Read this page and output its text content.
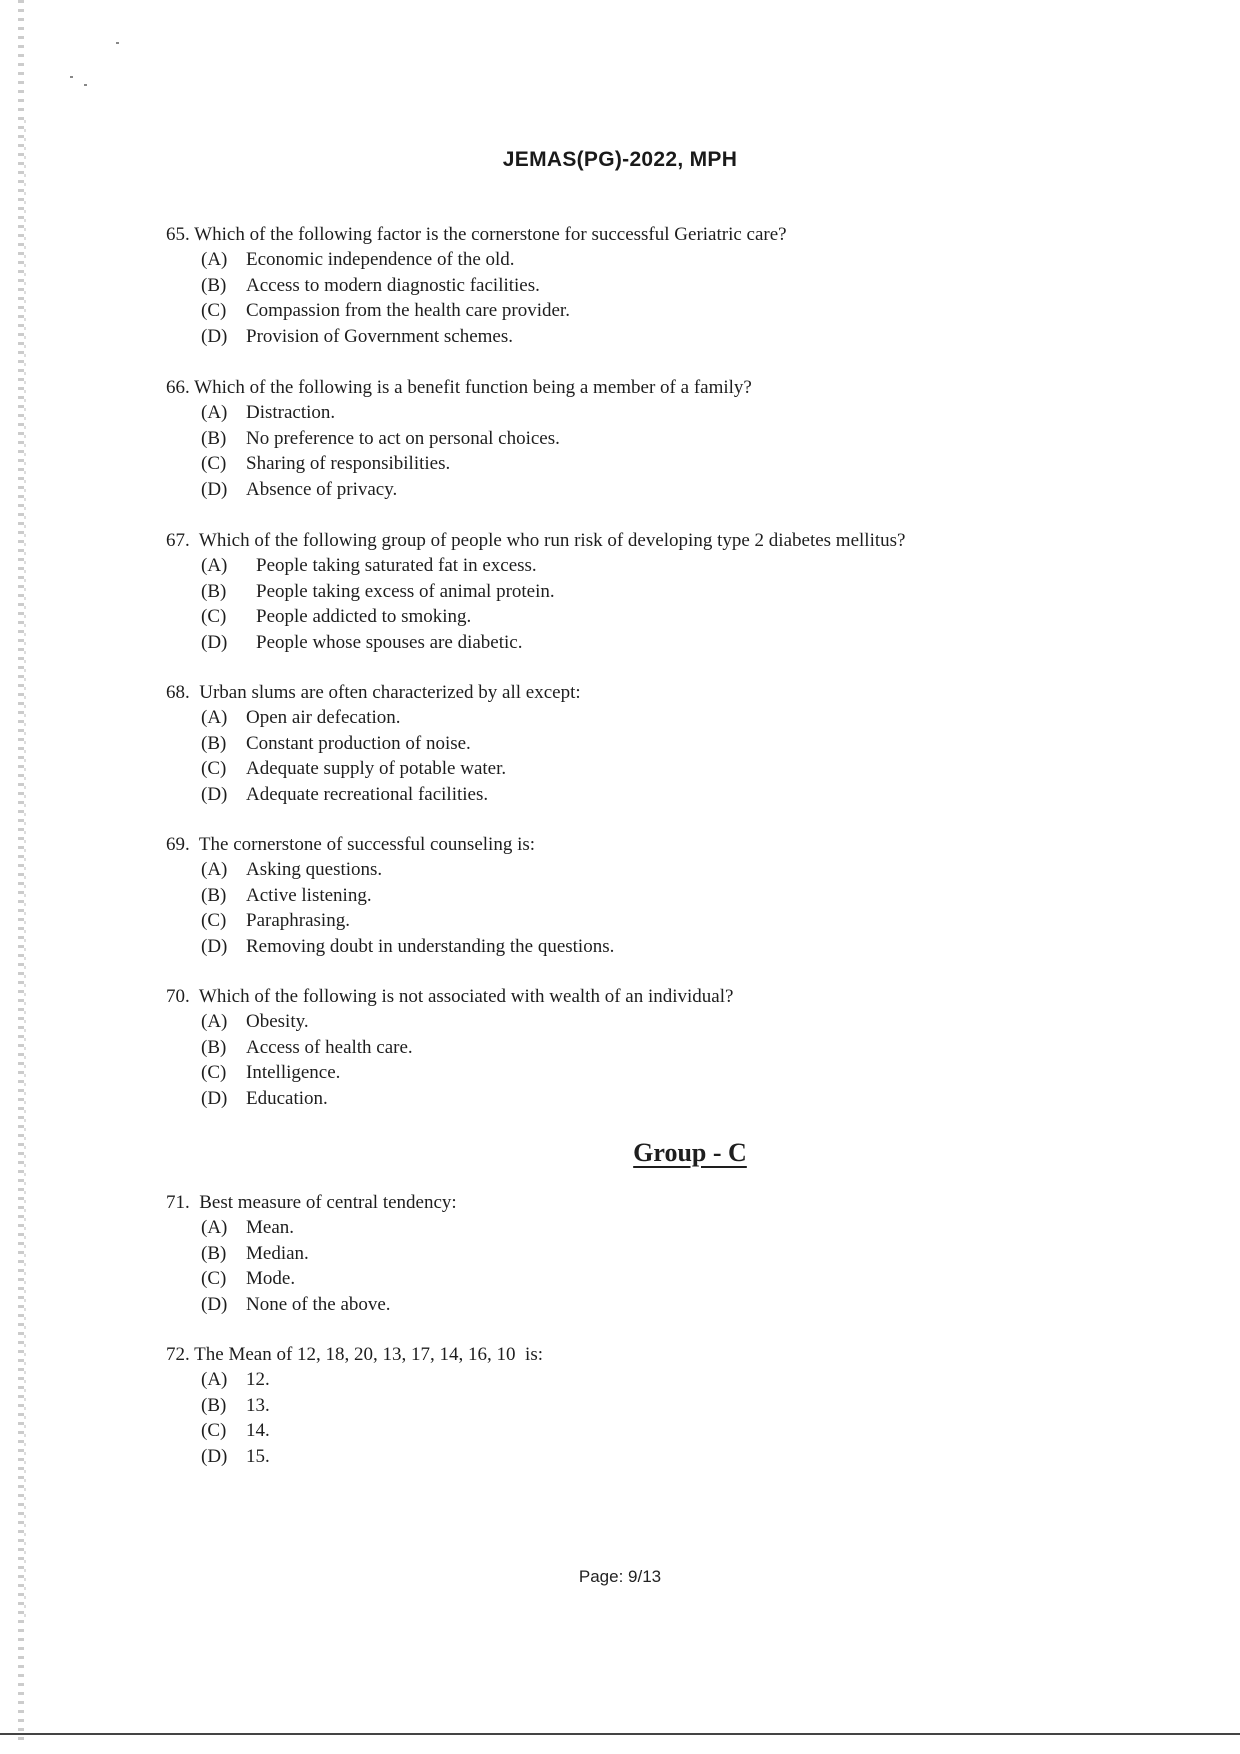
JEMAS(PG)-2022, MPH
65. Which of the following factor is the cornerstone for successful Geriatric care?
(A) Economic independence of the old.
(B)	Access to modern diagnostic facilities.
(C)	Compassion from the health care provider.
(D) Provision of Government schemes.
66. Which of the following is a benefit function being a member of a family?
(A) Distraction.
(B)	No preference to act on personal choices.
(C)	Sharing of responsibilities.
(D) Absence of privacy.
67. Which of the following group of people who run risk of developing type 2 diabetes mellitus?
(A)	People taking saturated fat in excess.
(B)	People taking excess of animal protein.
(C)	People addicted to smoking.
(D)	People whose spouses are diabetic.
68. Urban slums are often characterized by all except:
(A) Open air defecation.
(B)	Constant production of noise.
(C)	Adequate supply of potable water.
(D) Adequate recreational facilities.
69. The cornerstone of successful counseling is:
(A) Asking questions.
(B)	Active listening.
(C)	Paraphrasing.
(D) Removing doubt in understanding the questions.
70. Which of the following is not associated with wealth of an individual?
(A) Obesity.
(B)	Access of health care.
(C)	Intelligence.
(D) Education.
Group - C
71. Best measure of central tendency:
(A) Mean.
(B)	Median.
(C)	Mode.
(D) None of the above.
72. The Mean of 12, 18, 20, 13, 17, 14, 16, 10  is:
(A) 12.
(B)	13.
(C)	14.
(D) 15.
Page: 9/13
